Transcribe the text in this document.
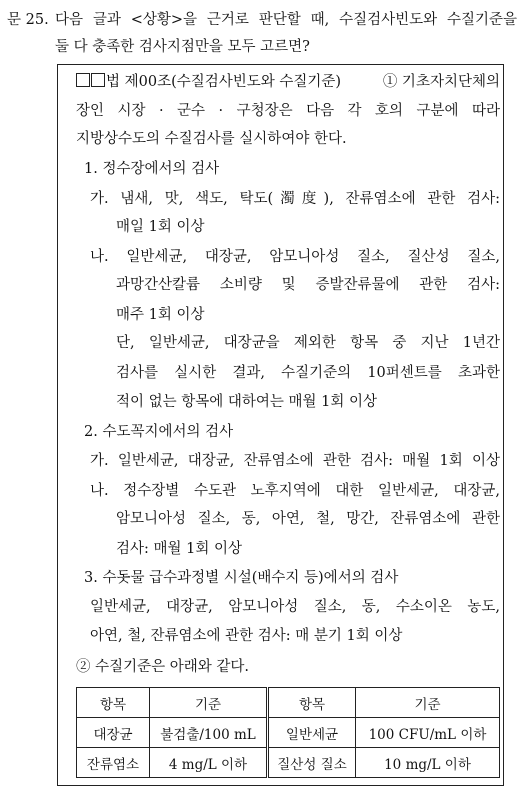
문 25. 다음 글과 <상황>을 근거로 판단할 때, 수질검사빈도와 수질기준을
둘 다 충족한 검사지점만을 모두 고르면?
법 제00조(수질검사빈도와 수질기준)	① 기초자치단체의
장인 시장 · 군수 · 구청장은 다음 각 호의 구분에 따라
지방상수도의 수질검사를 실시하여야 한다.
1. 정수장에서의 검사
가. 냄새, 맛, 색도, 탁도(濁度), 잔류염소에 관한 검사:
매일 1회 이상
나. 일반세균, 대장균, 암모니아성 질소, 질산성 질소,
과망간산칼륨 소비량 및 증발잔류물에 관한 검사:
매주 1회 이상
단, 일반세균, 대장균을 제외한 항목 중 지난 1년간
검사를 실시한 결과, 수질기준의 10퍼센트를 초과한
적이 없는 항목에 대하여는 매월 1회 이상
2. 수도꼭지에서의 검사
가. 일반세균, 대장균, 잔류염소에 관한 검사: 매월 1회 이상
나. 정수장별 수도관 노후지역에 대한 일반세균, 대장균,
암모니아성 질소, 동, 아연, 철, 망간, 잔류염소에 관한
검사: 매월 1회 이상
3. 수돗물 급수과정별 시설(배수지 등)에서의 검사
일반세균, 대장균, 암모니아성 질소, 동, 수소이온 농도,
아연, 철, 잔류염소에 관한 검사: 매 분기 1회 이상
② 수질기준은 아래와 같다.
항목	기준	항목	기준
대장균	불검출/100 mL	일반세균	100 CFU/mL 이하
잔류염소	4 mg/L 이하	질산성 질소	10 mg/L 이하
